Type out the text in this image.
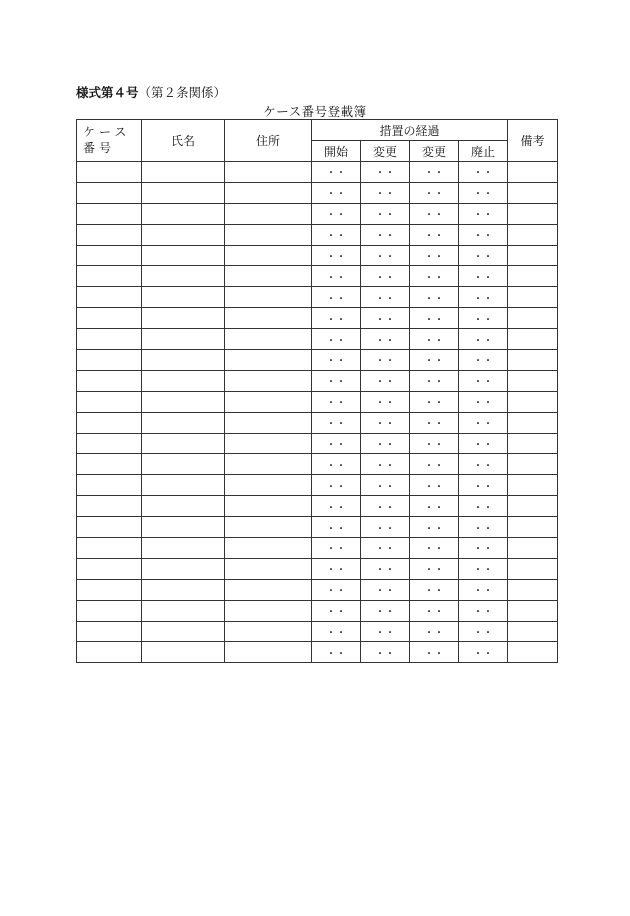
様式第４号（第２条関係）
ケース番号登載簿
ケース番号	氏名	住所	措置の経過				備考
			開始	変更	変更	廃止	
			・・	・・	・・	・・	
			・・	・・	・・	・・	
			・・	・・	・・	・・	
			・・	・・	・・	・・	
			・・	・・	・・	・・	
			・・	・・	・・	・・	
			・・	・・	・・	・・	
			・・	・・	・・	・・	
			・・	・・	・・	・・	
			・・	・・	・・	・・	
			・・	・・	・・	・・	
			・・	・・	・・	・・	
			・・	・・	・・	・・	
			・・	・・	・・	・・	
			・・	・・	・・	・・	
			・・	・・	・・	・・	
			・・	・・	・・	・・	
			・・	・・	・・	・・	
			・・	・・	・・	・・	
			・・	・・	・・	・・	
			・・	・・	・・	・・	
			・・	・・	・・	・・	
			・・	・・	・・	・・	
			・・	・・	・・	・・	
